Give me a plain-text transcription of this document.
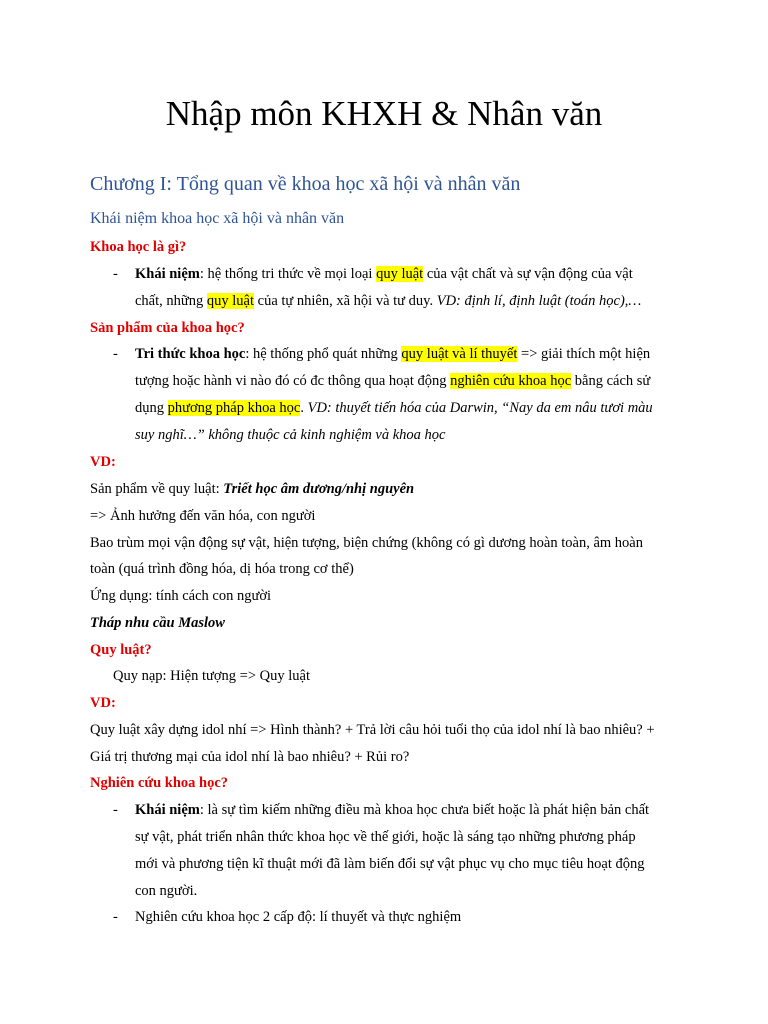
Nhập môn KHXH & Nhân văn
Chương I: Tổng quan về khoa học xã hội và nhân văn
Khái niệm khoa học xã hội và nhân văn
Khoa học là gì?
- Khái niệm: hệ thống tri thức về mọi loại quy luật của vật chất và sự vận động của vật
chất, những quy luật của tự nhiên, xã hội và tư duy. VD: định lí, định luật (toán học),…
Sản phẩm của khoa học?
- Tri thức khoa học: hệ thống phổ quát những quy luật và lí thuyết => giải thích một hiện
tượng hoặc hành vi nào đó có đc thông qua hoạt động nghiên cứu khoa học bằng cách sử
dụng phương pháp khoa học. VD: thuyết tiến hóa của Darwin, “Nay da em nâu tươi màu
suy nghĩ…” không thuộc cả kinh nghiệm và khoa học
VD:
Sản phẩm về quy luật: Triết học âm dương/nhị nguyên
=> Ảnh hưởng đến văn hóa, con người
Bao trùm mọi vận động sự vật, hiện tượng, biện chứng (không có gì dương hoàn toàn, âm hoàn
toàn (quá trình đồng hóa, dị hóa trong cơ thể)
Ứng dụng: tính cách con người
Tháp nhu cầu Maslow
Quy luật?
Quy nạp: Hiện tượng => Quy luật
VD:
Quy luật xây dựng idol nhí => Hình thành? + Trả lời câu hỏi tuổi thọ của idol nhí là bao nhiêu? +
Giá trị thương mại của idol nhí là bao nhiêu? + Rủi ro?
Nghiên cứu khoa học?
- Khái niệm: là sự tìm kiếm những điều mà khoa học chưa biết hoặc là phát hiện bản chất
sự vật, phát triển nhân thức khoa học về thế giới, hoặc là sáng tạo những phương pháp
mới và phương tiện kĩ thuật mới đã làm biến đổi sự vật phục vụ cho mục tiêu hoạt động
con người.
- Nghiên cứu khoa học 2 cấp độ: lí thuyết và thực nghiệm
